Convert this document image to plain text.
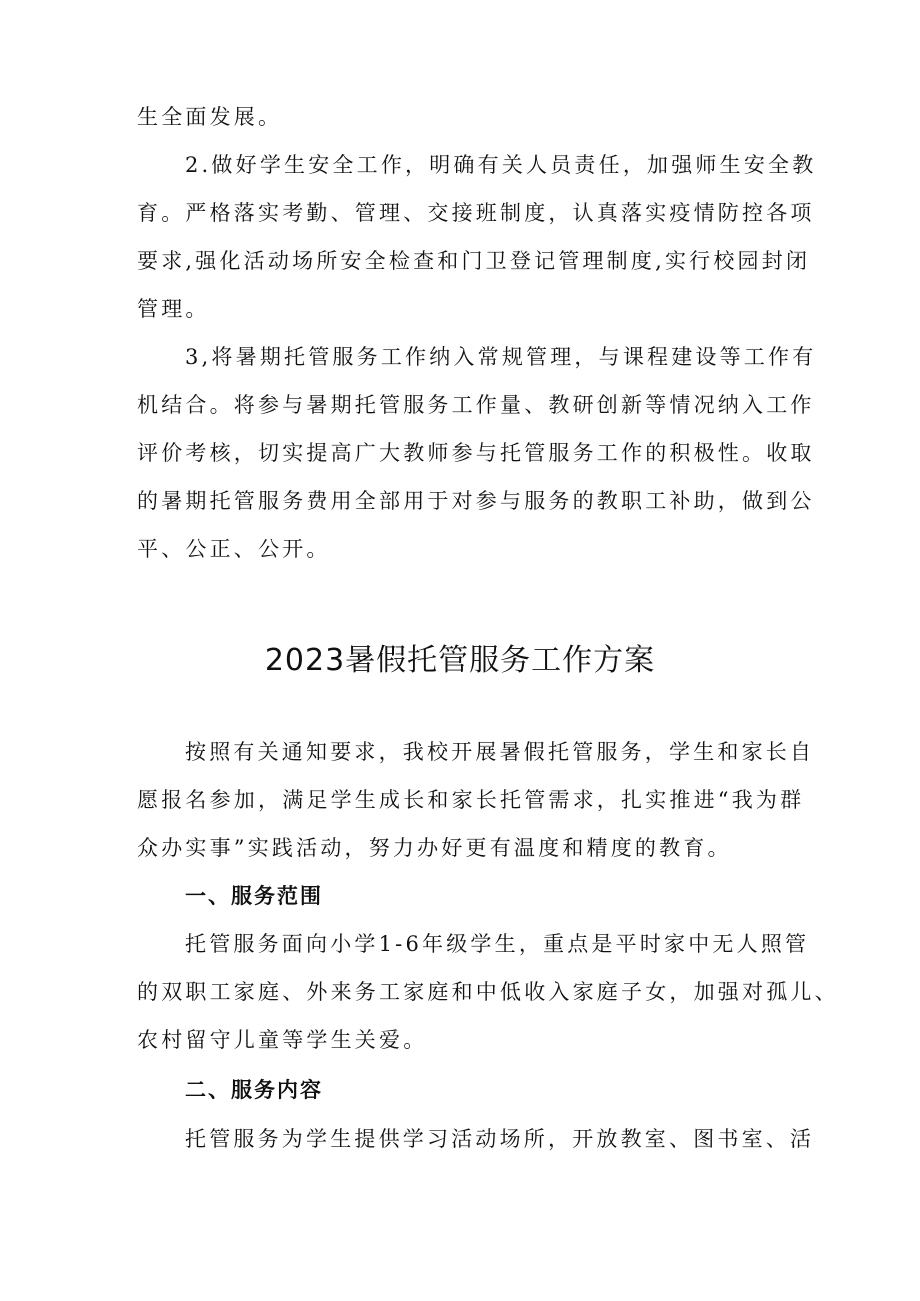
生全面发展。
2.做好学生安全工作，明确有关人员责任，加强师生安全教
育。严格落实考勤、管理、交接班制度，认真落实疫情防控各项
要求,强化活动场所安全检查和门卫登记管理制度,实行校园封闭
管理。
3,将暑期托管服务工作纳入常规管理，与课程建设等工作有
机结合。将参与暑期托管服务工作量、教研创新等情况纳入工作
评价考核，切实提高广大教师参与托管服务工作的积极性。收取
的暑期托管服务费用全部用于对参与服务的教职工补助，做到公
平、公正、公开。
2023暑假托管服务工作方案
按照有关通知要求，我校开展暑假托管服务，学生和家长自
愿报名参加，满足学生成长和家长托管需求，扎实推进“我为群
众办实事”实践活动，努力办好更有温度和精度的教育。
一、服务范围
托管服务面向小学1-6年级学生，重点是平时家中无人照管
的双职工家庭、外来务工家庭和中低收入家庭子女，加强对孤儿、
农村留守儿童等学生关爱。
二、服务内容
托管服务为学生提供学习活动场所，开放教室、图书室、活
